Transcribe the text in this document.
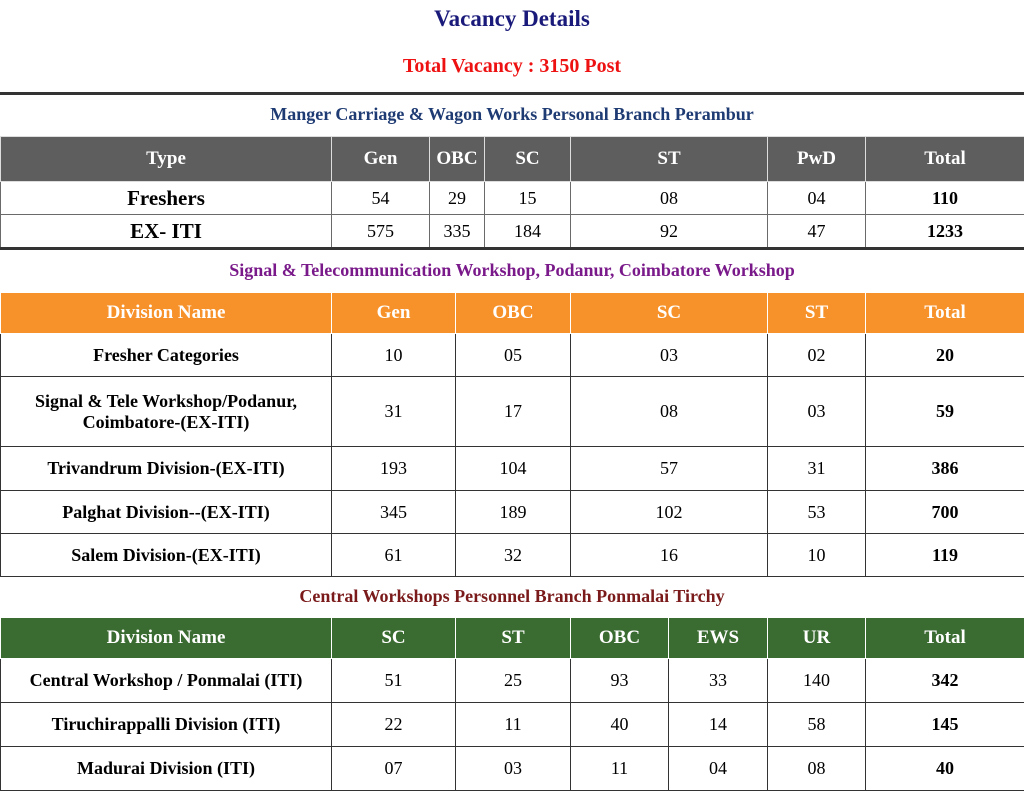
Vacancy Details
Total Vacancy : 3150 Post
Manger Carriage & Wagon Works Personal Branch Perambur
Type	Gen	OBC	SC	ST	PwD	Total
Freshers	54	29	15	08	04	110
EX- ITI	575	335	184	92	47	1233
Signal & Telecommunication Workshop, Podanur, Coimbatore Workshop
Division Name	Gen	OBC	SC	ST	Total
Fresher Categories	10	05	03	02	20
Signal & Tele Workshop/Podanur, Coimbatore-(EX-ITI)	31	17	08	03	59
Trivandrum Division-(EX-ITI)	193	104	57	31	386
Palghat Division--(EX-ITI)	345	189	102	53	700
Salem Division-(EX-ITI)	61	32	16	10	119
Central Workshops Personnel Branch Ponmalai Tirchy
Division Name	SC	ST	OBC	EWS	UR	Total
Central Workshop / Ponmalai (ITI)	51	25	93	33	140	342
Tiruchirappalli Division (ITI)	22	11	40	14	58	145
Madurai Division (ITI)	07	03	11	04	08	40
